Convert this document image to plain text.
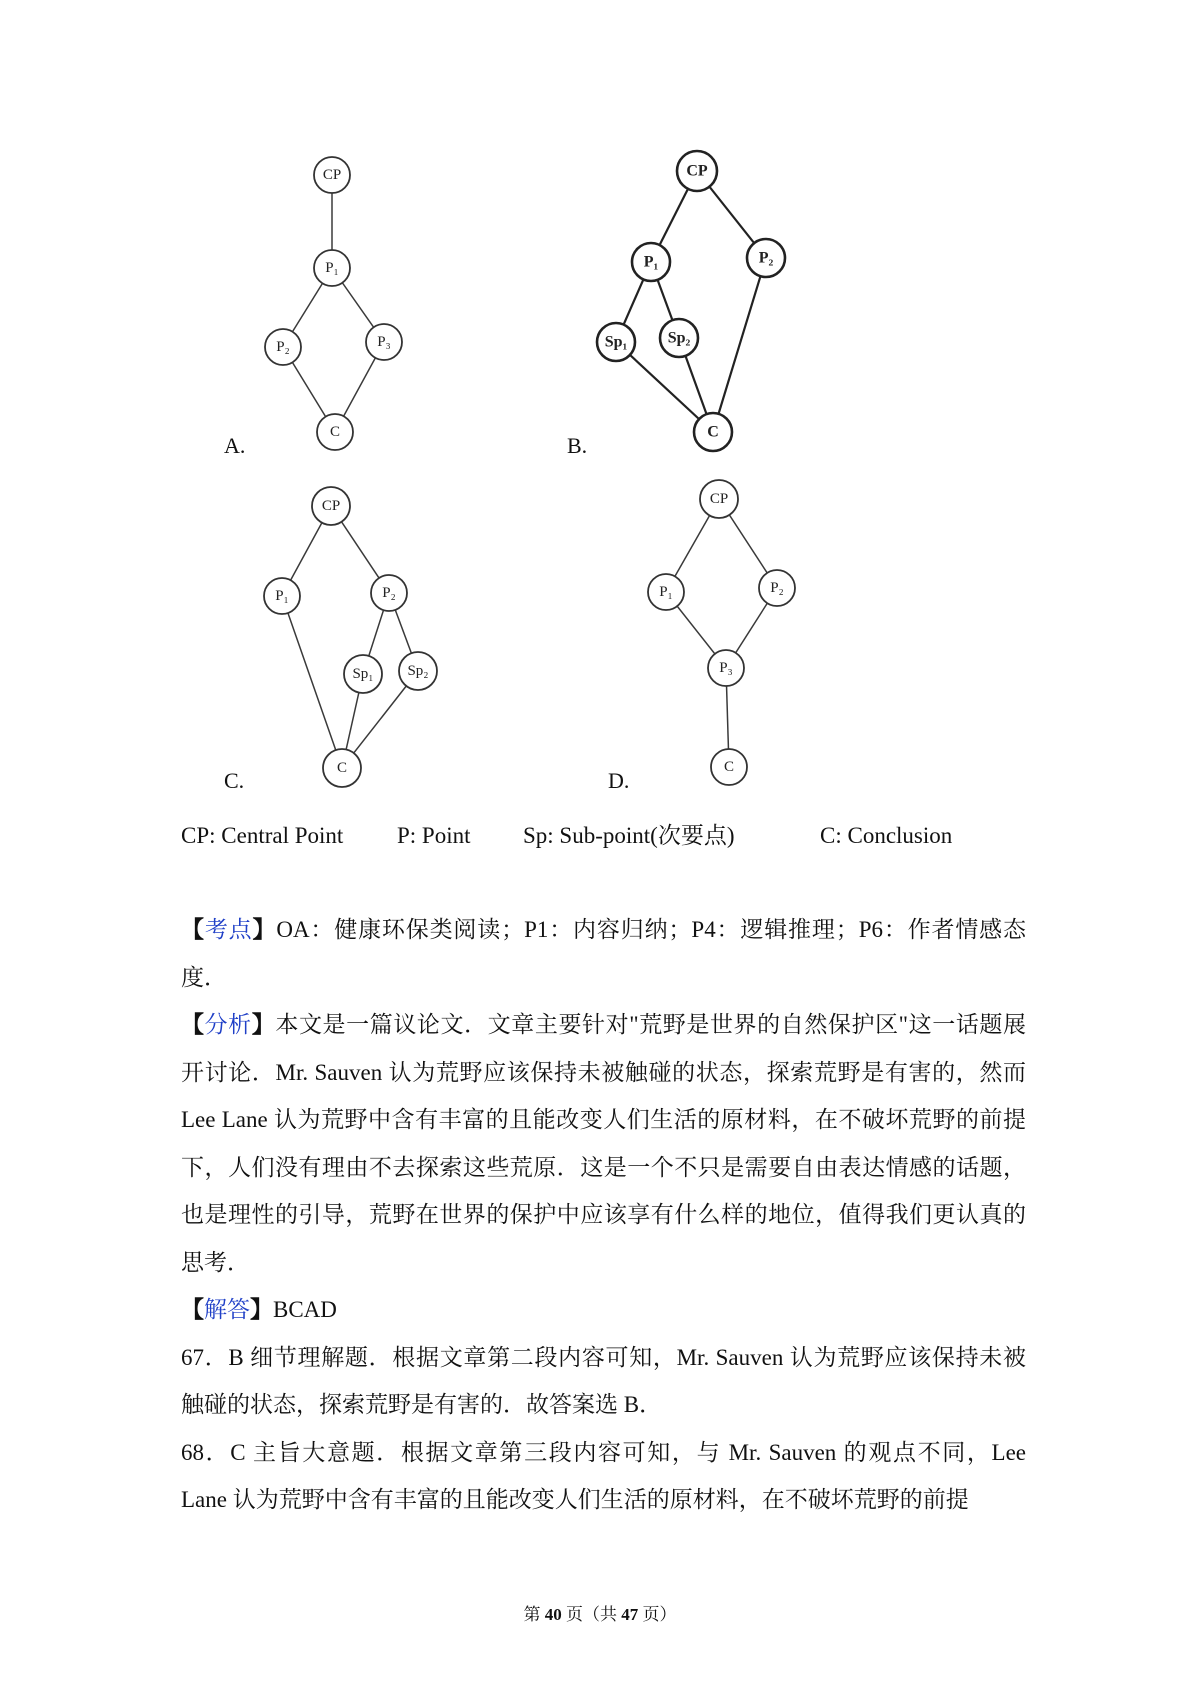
CP
P₁
P₂	P₃
C
A.
CP
P₁	P₂
Sp₁	Sp₂
C
B.
CP
P₁	P₂
Sp₁ Sp₂
C
C.
CP
P₁	P₂
P₃
C
D.
CP: Central Point P: Point Sp: Sub-point(次要点)	C: Conclusion

【考点】OA：健康环保类阅读；P1：内容归纳；P4：逻辑推理；P6：作者情感态度．

【分析】本文是一篇议论文．文章主要针对"荒野是世界的自然保护区"这一话题展开讨论．Mr. Sauven 认为荒野应该保持未被触碰的状态，探索荒野是有害的，然而 Lee Lane 认为荒野中含有丰富的且能改变人们生活的原材料，在不破坏荒野的前提下，人们没有理由不去探索这些荒原．这是一个不只是需要自由表达情感的话题，也是理性的引导，荒野在世界的保护中应该享有什么样的地位，值得我们更认真的思考．

【解答】BCAD

67．B 细节理解题．根据文章第二段内容可知，Mr. Sauven 认为荒野应该保持未被触碰的状态，探索荒野是有害的．故答案选 B．

68．C 主旨大意题．根据文章第三段内容可知，与 Mr. Sauven 的观点不同，Lee Lane 认为荒野中含有丰富的且能改变人们生活的原材料，在不破坏荒野的前提

第 40 页（共 47 页）
